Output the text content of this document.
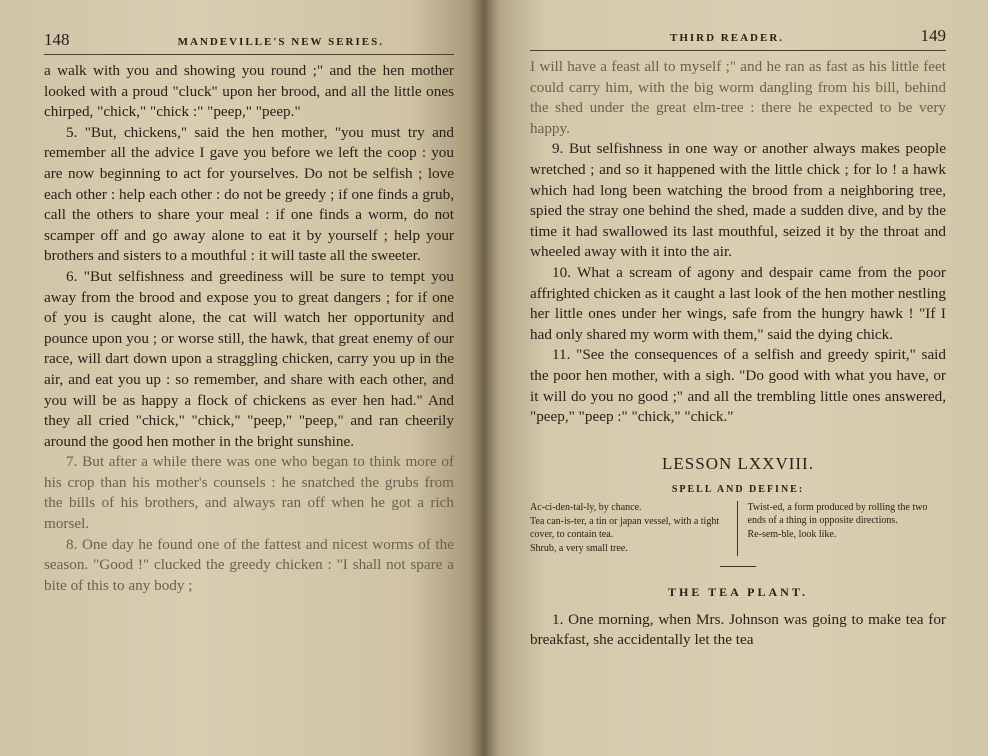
148	MANDEVILLE'S NEW SERIES.

a walk with you and showing you round ;" and the hen mother looked with a proud "cluck" upon her brood, and all the little ones chirped, "chick," "chick :" "peep," "peep."

5. "But, chickens," said the hen mother, "you must try and remember all the advice I gave you before we left the coop : you are now beginning to act for yourselves. Do not be selfish ; love each other : help each other : do not be greedy ; if one finds a grub, call the others to share your meal : if one finds a worm, do not scamper off and go away alone to eat it by yourself ; help your brothers and sisters to a mouthful : it will taste all the sweeter.

6. "But selfishness and greediness will be sure to tempt you away from the brood and expose you to great dangers ; for if one of you is caught alone, the cat will watch her opportunity and pounce upon you ; or worse still, the hawk, that great enemy of our race, will dart down upon a straggling chicken, carry you up in the air, and eat you up : so remember, and share with each other, and you will be as happy a flock of chickens as ever hen had." And they all cried "chick," "chick," "peep," "peep," and ran cheerily around the good hen mother in the bright sunshine.

7. But after a while there was one who began to think more of his crop than his mother's counsels : he snatched the grubs from the bills of his brothers, and always ran off when he got a rich morsel.

8. One day he found one of the fattest and nicest worms of the season. "Good !" clucked the greedy chicken : "I shall not spare a bite of this to any body ;

THIRD READER.	149

I will have a feast all to myself ;" and he ran as fast as his little feet could carry him, with the big worm dangling from his bill, behind the shed under the great elm-tree : there he expected to be very happy.

9. But selfishness in one way or another always makes people wretched ; and so it happened with the little chick ; for lo ! a hawk which had long been watching the brood from a neighboring tree, spied the stray one behind the shed, made a sudden dive, and by the time it had swallowed its last mouthful, seized it by the throat and wheeled away with it into the air.

10. What a scream of agony and despair came from the poor affrighted chicken as it caught a last look of the hen mother nestling her little ones under her wings, safe from the hungry hawk ! "If I had only shared my worm with them," said the dying chick.

11. "See the consequences of a selfish and greedy spirit," said the poor hen mother, with a sigh. "Do good with what you have, or it will do you no good ;" and all the trembling little ones answered, "peep," "peep :" "chick," "chick."

LESSON LXXVIII.
SPELL AND DEFINE:
Ac-ci-den-tal-ly, by chance.
Tea can-is-ter, a tin or japan vessel, with a tight cover, to contain tea.
Shrub, a very small tree.
Twist-ed, a form produced by rolling the two ends of a thing in opposite directions.
Re-sem-ble, look like.
THE TEA PLANT.

1. One morning, when Mrs. Johnson was going to make tea for breakfast, she accidentally let the tea
